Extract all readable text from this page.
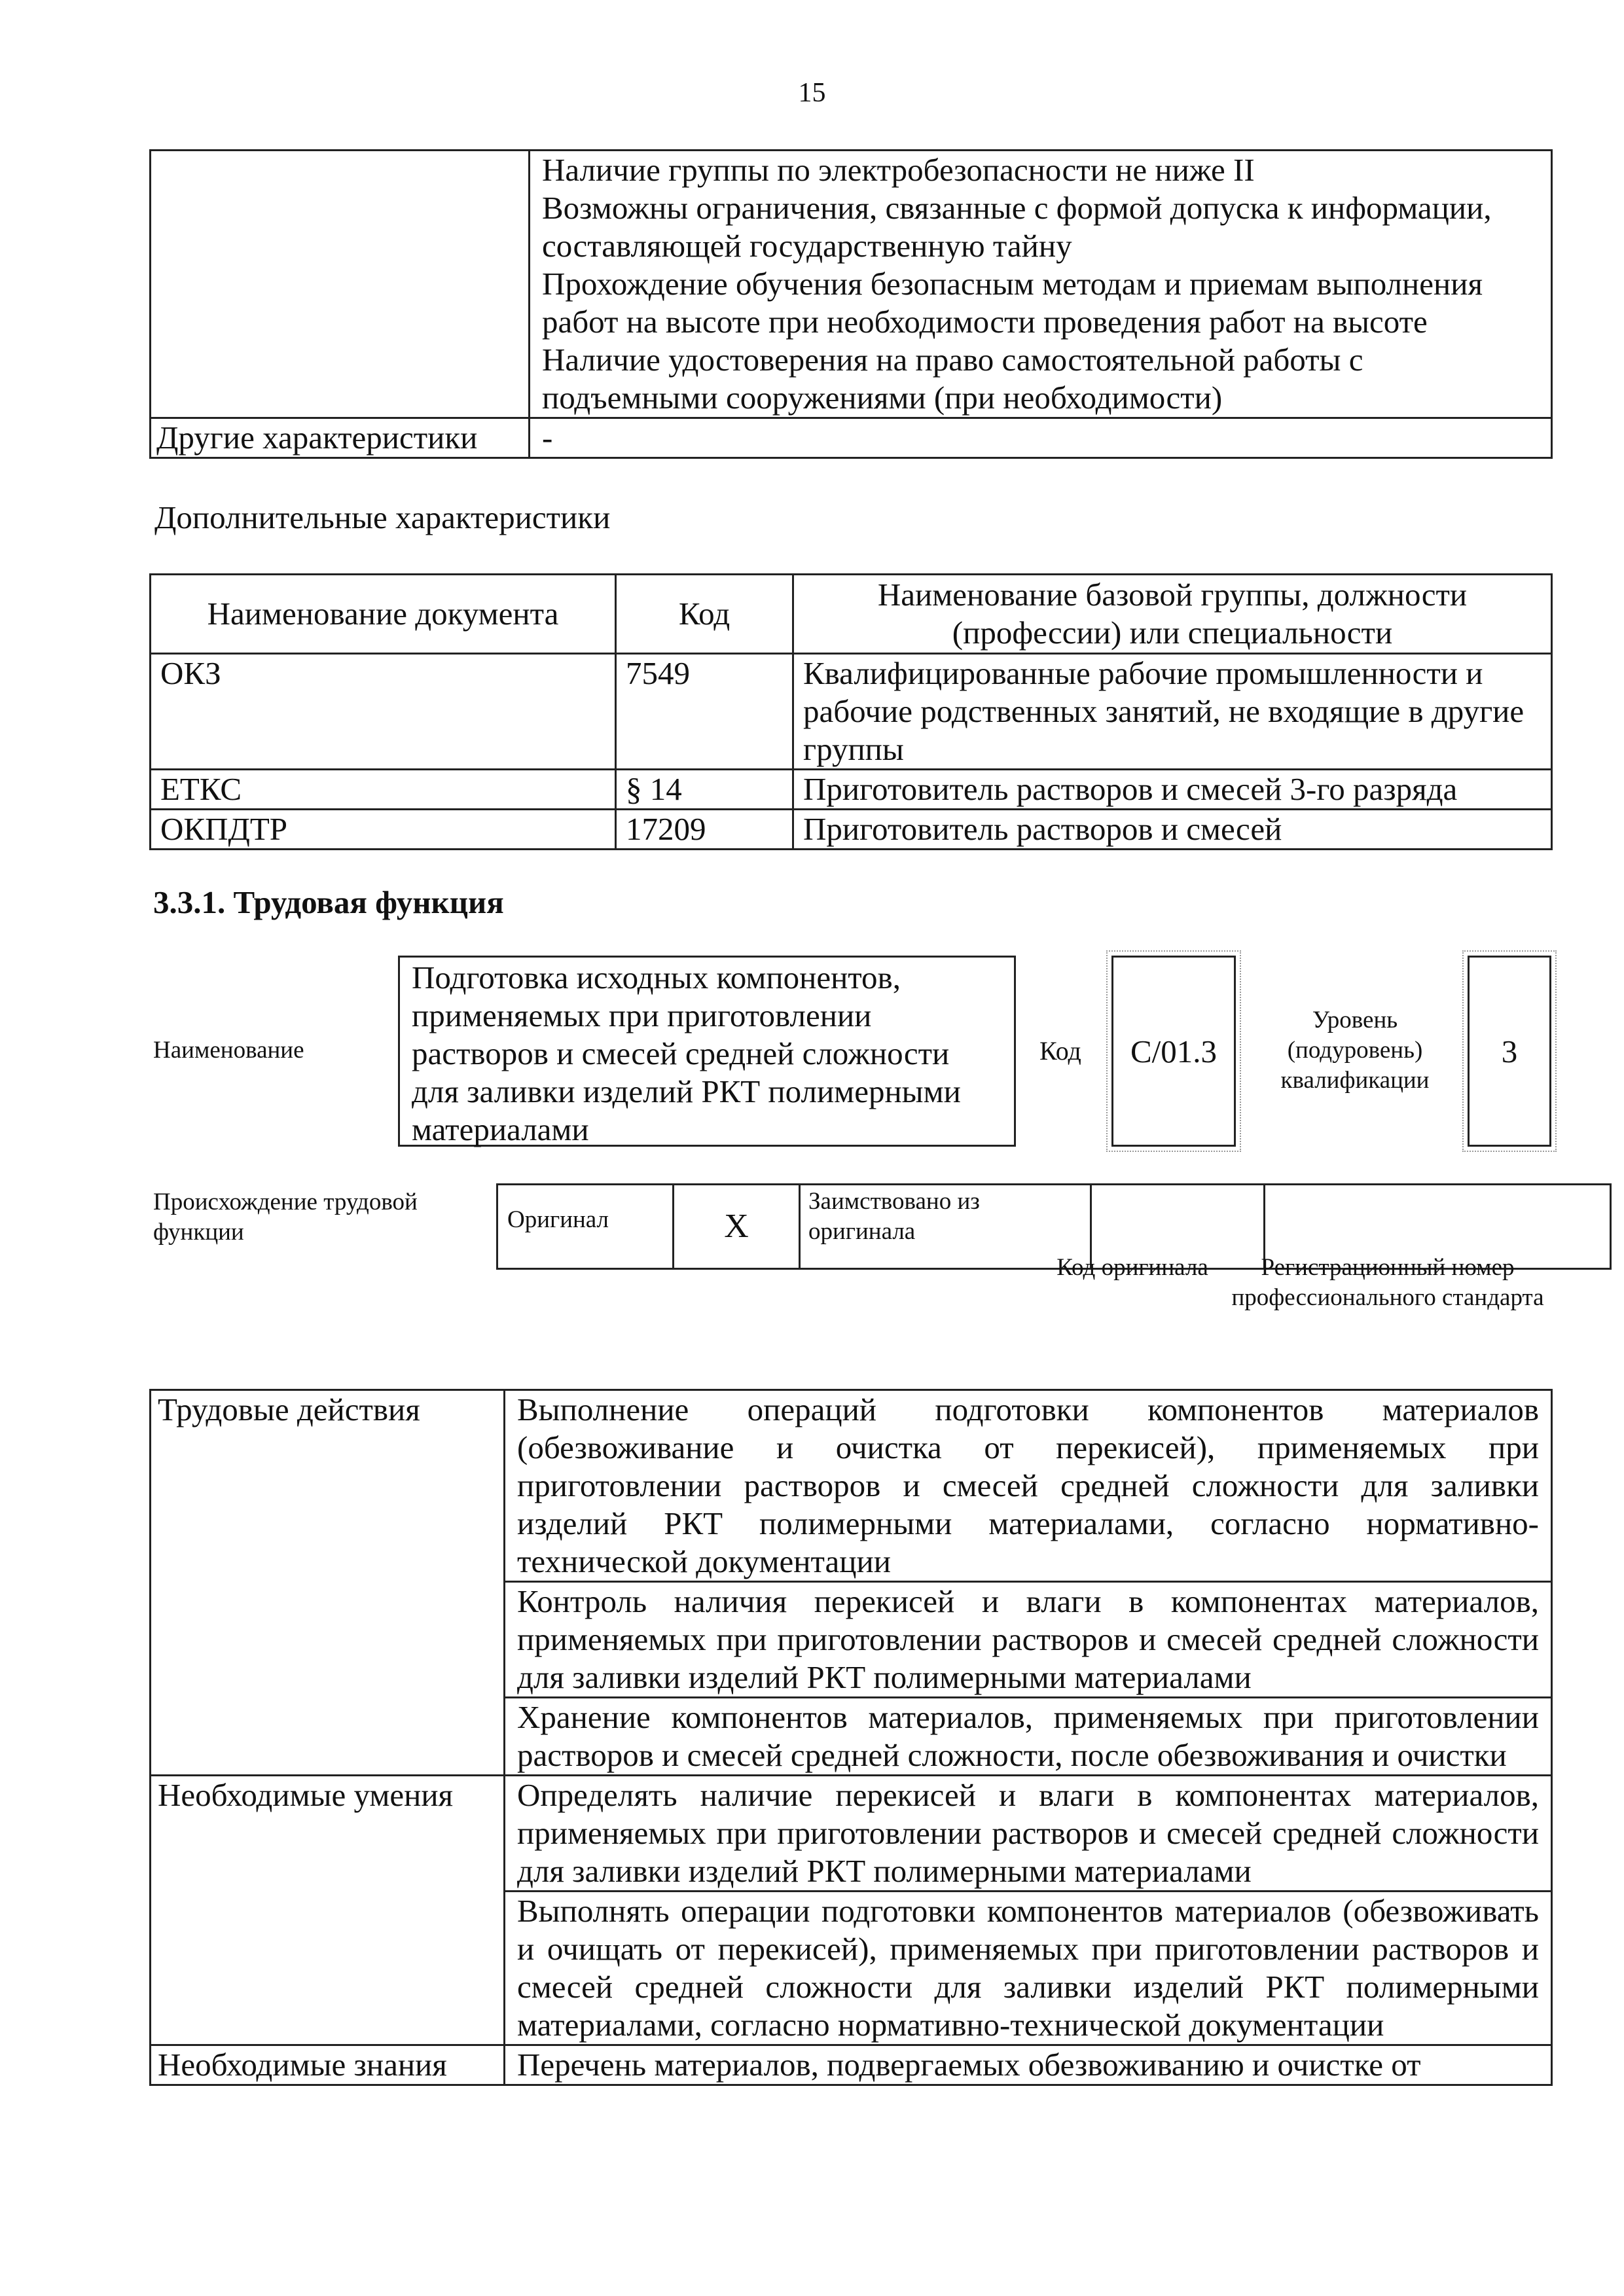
15

	Наличие группы по электробезопасности не ниже II
Возможны ограничения, связанные с формой допуска к информации, составляющей государственную тайну
Прохождение обучения безопасным методам и приемам выполнения работ на высоте при необходимости проведения работ на высоте
Наличие удостоверения на право самостоятельной работы с подъемными сооружениями (при необходимости)

Другие характеристики	-
Дополнительные характеристики
Наименование документа	Код	Наименование базовой группы, должности (профессии) или специальности
ОКЗ	7549	Квалифицированные рабочие промышленности и рабочие родственных занятий, не входящие в другие группы
ЕТКС	§ 14	Приготовитель растворов и смесей 3-го разряда
ОКПДТР	17209	Приготовитель растворов и смесей
3.3.1. Трудовая функция
Наименование
Подготовка исходных компонентов, применяемых при приготовлении растворов и смесей средней сложности для заливки изделий РКТ полимерными материалами
Код	С/01.3
Уровень (подуровень) квалификации
3
Происхождение трудовой функции	Оригинал	X	Заимствовано из оригинала		
Код оригинала	Регистрационный номер профессионального стандарта
Трудовые действия	Выполнение операций подготовки компонентов материалов (обезвоживание и очистка от перекисей), применяемых при приготовлении растворов и смесей средней сложности для заливки изделий РКТ полимерными материалами, согласно нормативно-технической документации
	Контроль наличия перекисей и влаги в компонентах материалов, применяемых при приготовлении растворов и смесей средней сложности для заливки изделий РКТ полимерными материалами
	Хранение компонентов материалов, применяемых при приготовлении растворов и смесей средней сложности, после обезвоживания и очистки
Необходимые умения	Определять наличие перекисей и влаги в компонентах материалов, применяемых при приготовлении растворов и смесей средней сложности для заливки изделий РКТ полимерными материалами
	Выполнять операции подготовки компонентов материалов (обезвоживать и очищать от перекисей), применяемых при приготовлении растворов и смесей средней сложности для заливки изделий РКТ полимерными материалами, согласно нормативно-технической документации
Необходимые знания	Перечень материалов, подвергаемых обезвоживанию и очистке от
